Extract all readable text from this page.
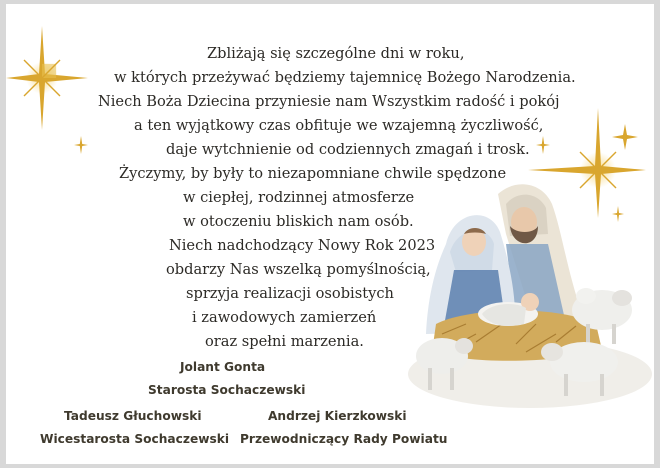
Zbliżają się szczególne dni w roku,
w których przeżywać będziemy tajemnicę Bożego Narodzenia.
Niech Boża Dziecina przyniesie nam Wszystkim radość i pokój
a ten wyjątkowy czas obfituje we wzajemną życzliwość,
daje wytchnienie od codziennych zmagań i trosk.
Życzymy, by były to niezapomniane chwile spędzone
w ciepłej, rodzinnej atmosferze
w otoczeniu bliskich nam osób.
Niech nadchodzący Nowy Rok 2023
obdarzy Nas wszelką pomyślnością,
sprzyja realizacji osobistych
i zawodowych zamierzeń
oraz spełni marzenia.
Jolant Gonta
Starosta Sochaczewski
Tadeusz Głuchowski
Wicestarosta Sochaczewski
Andrzej Kierzkowski
Przewodniczący Rady Powiatu
